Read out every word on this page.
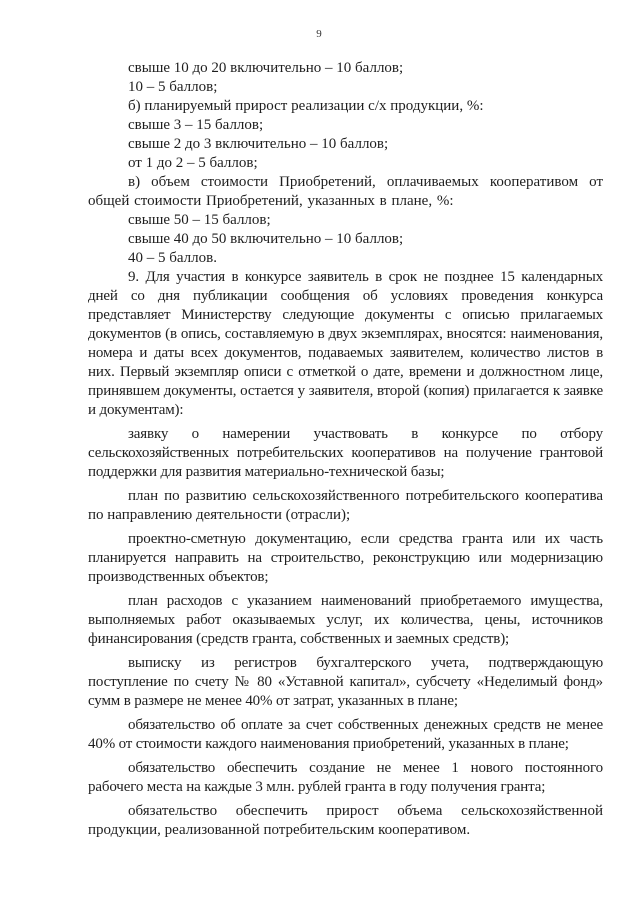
9

свыше 10 до 20 включительно – 10 баллов;

10 – 5 баллов;

б) планируемый прирост реализации с/х продукции, %:

свыше 3 – 15 баллов;

свыше 2 до 3 включительно – 10 баллов;

от 1 до 2 – 5 баллов;

в) объем стоимости Приобретений, оплачиваемых кооперативом от общей стоимости Приобретений, указанных в плане, %:

свыше 50 – 15 баллов;

свыше 40 до 50 включительно – 10 баллов;

40 – 5 баллов.

9. Для участия в конкурсе заявитель в срок не позднее 15 календарных дней со дня публикации сообщения об условиях проведения конкурса представляет Министерству следующие документы с описью прилагаемых документов (в опись, составляемую в двух экземплярах, вносятся: наименования, номера и даты всех документов, подаваемых заявителем, количество листов в них. Первый экземпляр описи с отметкой о дате, времени и должностном лице, принявшем документы, остается у заявителя, второй (копия) прилагается к заявке и документам):

заявку о намерении участвовать в конкурсе по отбору сельскохозяйственных потребительских кооперативов на получение грантовой поддержки для развития материально-технической базы;

план по развитию сельскохозяйственного потребительского кооператива по направлению деятельности (отрасли);

проектно-сметную документацию, если средства гранта или их часть планируется направить на строительство, реконструкцию или модернизацию производственных объектов;

план расходов с указанием наименований приобретаемого имущества, выполняемых работ оказываемых услуг, их количества, цены, источников финансирования (средств гранта, собственных и заемных средств);

выписку из регистров бухгалтерского учета, подтверждающую поступление по счету № 80 «Уставной капитал», субсчету «Неделимый фонд» сумм в размере не менее 40% от затрат, указанных в плане;

обязательство об оплате за счет собственных денежных средств не менее 40% от стоимости каждого наименования приобретений, указанных в плане;

обязательство обеспечить создание не менее 1 нового постоянного рабочего места на каждые 3 млн. рублей гранта в году получения гранта;

обязательство обеспечить прирост объема сельскохозяйственной продукции, реализованной потребительским кооперативом.
